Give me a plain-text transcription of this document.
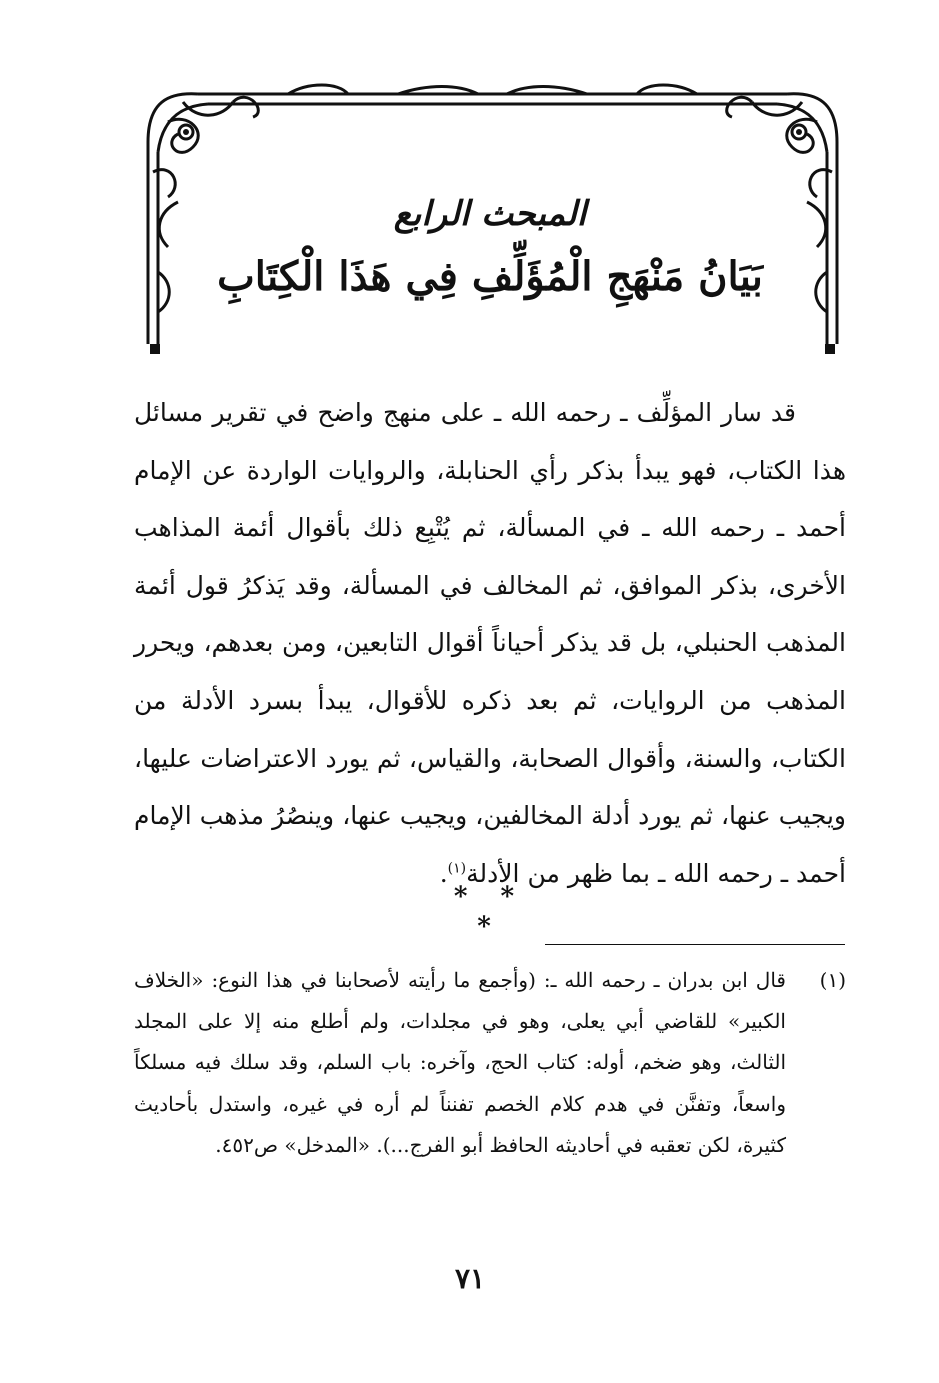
المبحث الرابع
بَيَانُ مَنْهَجِ الْمُؤَلِّفِ فِي هَذَا الْكِتَابِ

قد سار المؤلِّف ـ رحمه الله ـ على منهج واضح في تقرير مسائل هذا الكتاب، فهو يبدأ بذكر رأي الحنابلة، والروايات الواردة عن الإمام أحمد ـ رحمه الله ـ في المسألة، ثم يُتْبِع ذلك بأقوال أئمة المذاهب الأخرى، بذكر الموافق، ثم المخالف في المسألة، وقد يَذكرُ قول أئمة المذهب الحنبلي، بل قد يذكر أحياناً أقوال التابعين، ومن بعدهم، ويحرر المذهب من الروايات، ثم بعد ذكره للأقوال، يبدأ بسرد الأدلة من الكتاب، والسنة، وأقوال الصحابة، والقياس، ثم يورد الاعتراضات عليها، ويجيب عنها، ثم يورد أدلة المخالفين، ويجيب عنها، وينصُرُ مذهب الإمام أحمد ـ رحمه الله ـ بما ظهر من الأدلة$^{(١)}$.

* * *
(١)
قال ابن بدران ـ رحمه الله ـ: (وأجمع ما رأيته لأصحابنا في هذا النوع: «الخلاف الكبير» للقاضي أبي يعلى، وهو في مجلدات، ولم أطلع منه إلا على المجلد الثالث، وهو ضخم، أوله: كتاب الحج، وآخره: باب السلم، وقد سلك فيه مسلكاً واسعاً، وتفنَّن في هدم كلام الخصم تفنناً لم أره في غيره، واستدل بأحاديث كثيرة، لكن تعقبه في أحاديثه الحافظ أبو الفرج...). «المدخل» ص٤٥٢.
٧١
